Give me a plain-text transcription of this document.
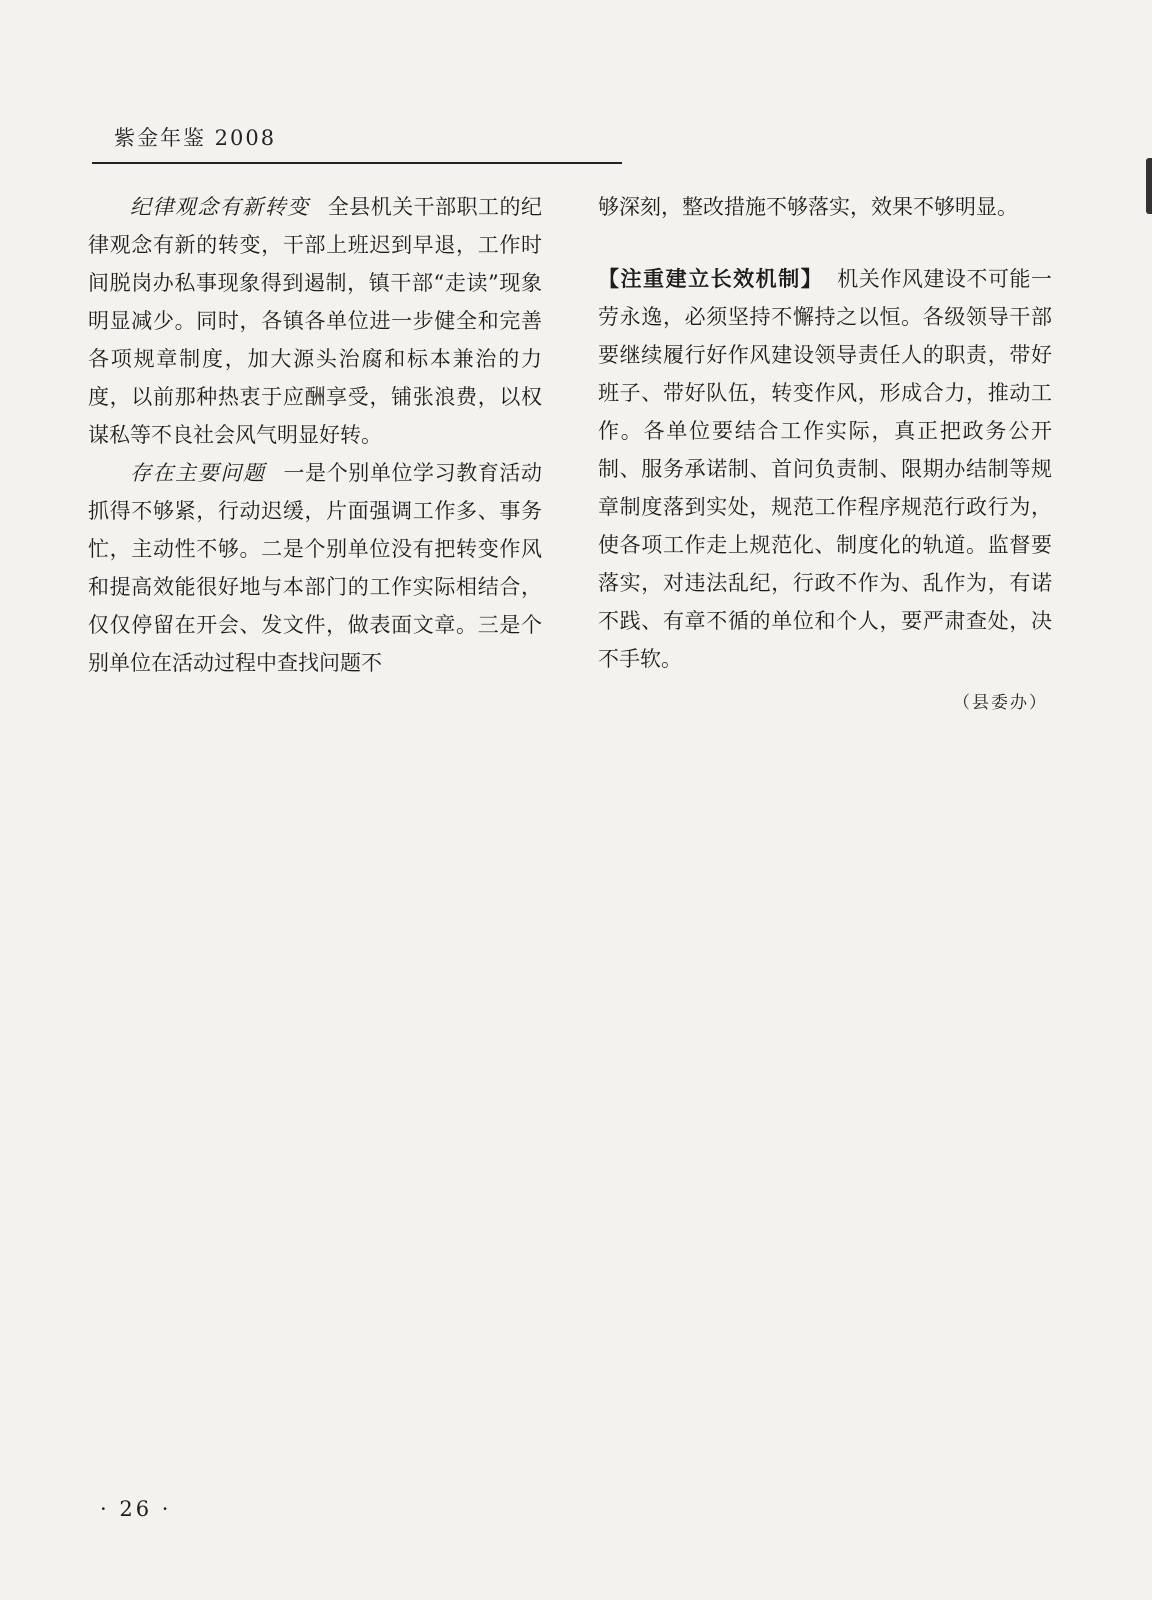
紫金年鉴 2008

纪律观念有新转变 全县机关干部职工的纪律观念有新的转变，干部上班迟到早退，工作时间脱岗办私事现象得到遏制，镇干部“走读”现象明显减少。同时，各镇各单位进一步健全和完善各项规章制度，加大源头治腐和标本兼治的力度，以前那种热衷于应酬享受，铺张浪费，以权谋私等不良社会风气明显好转。

存在主要问题 一是个别单位学习教育活动抓得不够紧，行动迟缓，片面强调工作多、事务忙，主动性不够。二是个别单位没有把转变作风和提高效能很好地与本部门的工作实际相结合，仅仅停留在开会、发文件，做表面文章。三是个别单位在活动过程中查找问题不

够深刻，整改措施不够落实，效果不够明显。

【注重建立长效机制】 机关作风建设不可能一劳永逸，必须坚持不懈持之以恒。各级领导干部要继续履行好作风建设领导责任人的职责，带好班子、带好队伍，转变作风，形成合力，推动工作。各单位要结合工作实际，真正把政务公开制、服务承诺制、首问负责制、限期办结制等规章制度落到实处，规范工作程序规范行政行为，使各项工作走上规范化、制度化的轨道。监督要落实，对违法乱纪，行政不作为、乱作为，有诺不践、有章不循的单位和个人，要严肃查处，决不手软。

（县委办）
· 26 ·
